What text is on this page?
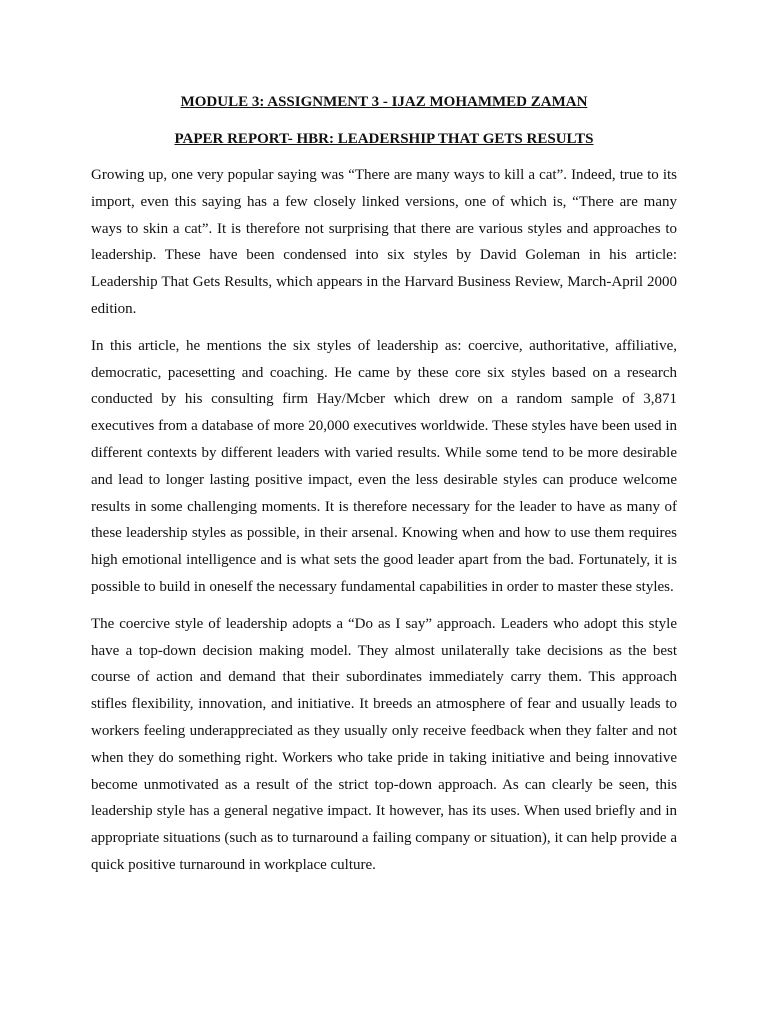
MODULE 3: ASSIGNMENT 3 - IJAZ MOHAMMED ZAMAN

PAPER REPORT- HBR: LEADERSHIP THAT GETS RESULTS

Growing up, one very popular saying was “There are many ways to kill a cat”. Indeed, true to its import, even this saying has a few closely linked versions, one of which is, “There are many ways to skin a cat”. It is therefore not surprising that there are various styles and approaches to leadership. These have been condensed into six styles by David Goleman in his article: Leadership That Gets Results, which appears in the Harvard Business Review, March-April 2000 edition.

In this article, he mentions the six styles of leadership as: coercive, authoritative, affiliative, democratic, pacesetting and coaching. He came by these core six styles based on a research conducted by his consulting firm Hay/Mcber which drew on a random sample of 3,871 executives from a database of more 20,000 executives worldwide. These styles have been used in different contexts by different leaders with varied results. While some tend to be more desirable and lead to longer lasting positive impact, even the less desirable styles can produce welcome results in some challenging moments. It is therefore necessary for the leader to have as many of these leadership styles as possible, in their arsenal. Knowing when and how to use them requires high emotional intelligence and is what sets the good leader apart from the bad. Fortunately, it is possible to build in oneself the necessary fundamental capabilities in order to master these styles.

The coercive style of leadership adopts a “Do as I say” approach. Leaders who adopt this style have a top-down decision making model. They almost unilaterally take decisions as the best course of action and demand that their subordinates immediately carry them. This approach stifles flexibility, innovation, and initiative. It breeds an atmosphere of fear and usually leads to workers feeling underappreciated as they usually only receive feedback when they falter and not when they do something right. Workers who take pride in taking initiative and being innovative become unmotivated as a result of the strict top-down approach. As can clearly be seen, this leadership style has a general negative impact. It however, has its uses. When used briefly and in appropriate situations (such as to turnaround a failing company or situation), it can help provide a quick positive turnaround in workplace culture.
